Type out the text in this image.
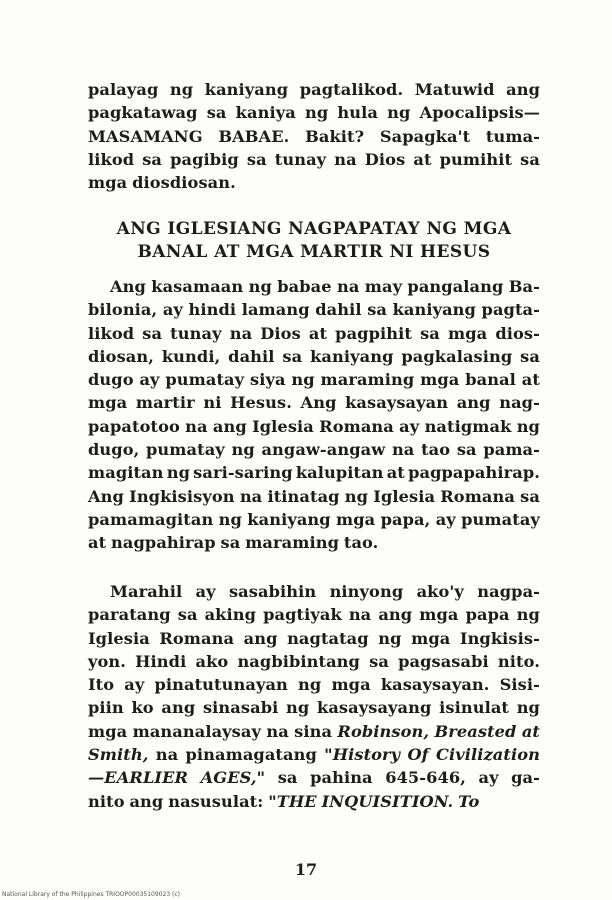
palayag ng kaniyang pagtalikod. Matuwid ang
pagkatawag sa kaniya ng hula ng Apocalipsis—
MASAMANG BABAE. Bakit? Sapagka't tuma-
likod sa pagibig sa tunay na Dios at pumihit sa
mga diosdiosan.
ANG IGLESIANG NAGPAPATAY NG MGA
BANAL AT MGA MARTIR NI HESUS
Ang kasamaan ng babae na may pangalang Ba-
bilonia, ay hindi lamang dahil sa kaniyang pagta-
likod sa tunay na Dios at pagpihit sa mga dios-
diosan, kundi, dahil sa kaniyang pagkalasing sa
dugo ay pumatay siya ng maraming mga banal at
mga martir ni Hesus. Ang kasaysayan ang nag-
papatotoo na ang Iglesia Romana ay natigmak ng
dugo, pumatay ng angaw-angaw na tao sa pama-
magitan ng sari-saring kalupitan at pagpapahirap.
Ang Ingkisisyon na itinatag ng Iglesia Romana sa
pamamagitan ng kaniyang mga papa, ay pumatay
at nagpahirap sa maraming tao.
Marahil ay sasabihin ninyong ako'y nagpa-
paratang sa aking pagtiyak na ang mga papa ng
Iglesia Romana ang nagtatag ng mga Ingkisis-
yon. Hindi ako nagbibintang sa pagsasabi nito.
Ito ay pinatutunayan ng mga kasaysayan. Sisi-
piin ko ang sinasabi ng kasaysayang isinulat ng
mga mananalaysay na sina Robinson, Breasted at
Smith, na pinamagatang "History Of Civilization
—EARLIER AGES," sa pahina 645-646, ay ga-
nito ang nasusulat: "THE INQUISITION. To
17
National Library of the Philippines TRIOOP00035109023 (c)
